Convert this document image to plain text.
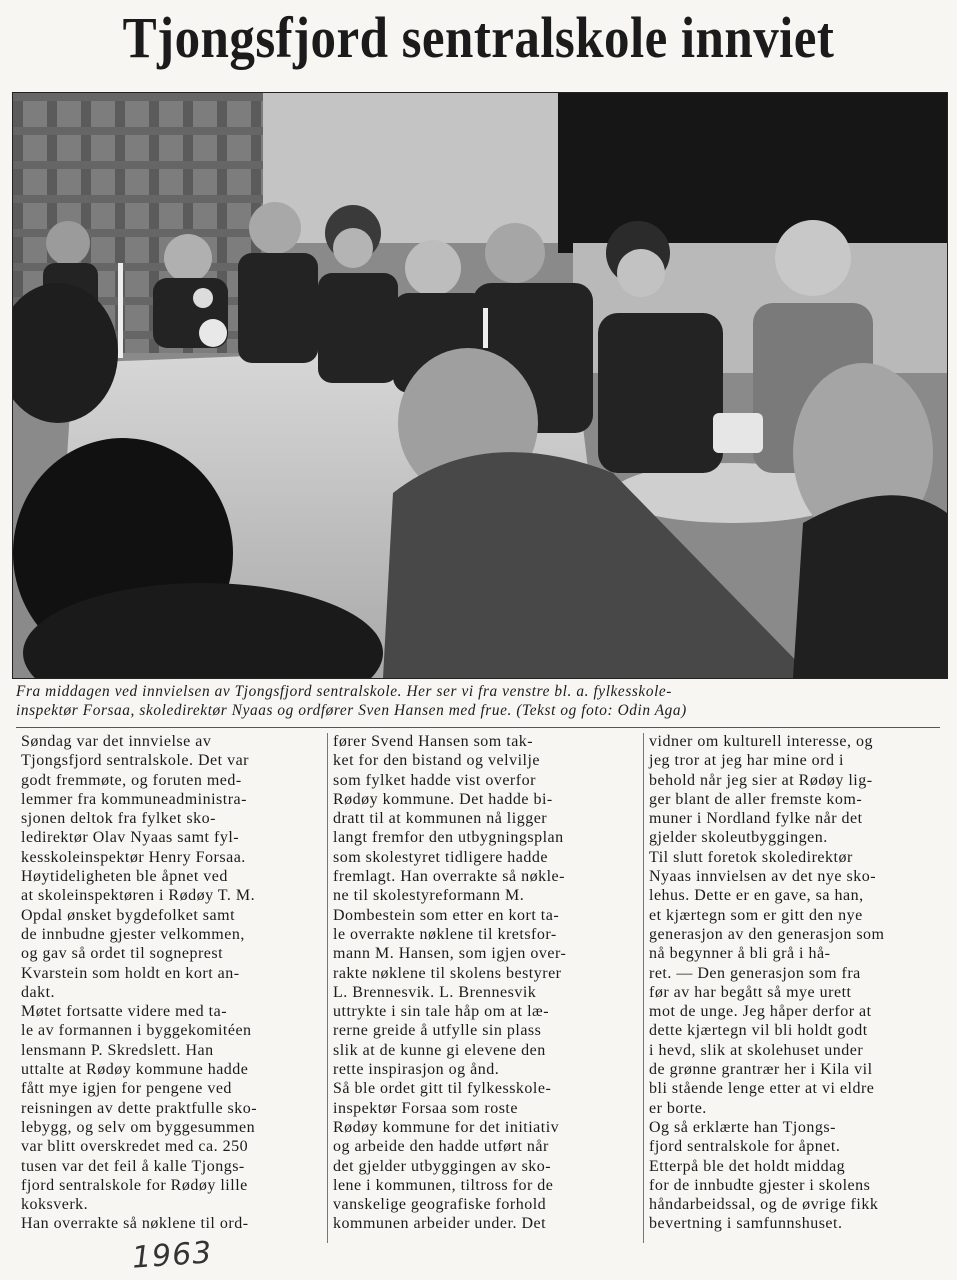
Tjongsfjord sentralskole innviet
Fra middagen ved innvielsen av Tjongsfjord sentralskole. Her ser vi fra venstre bl. a. fylkesskole-
inspektør Forsaa, skoledirektør Nyaas og ordfører Sven Hansen med frue. (Tekst og foto: Odin Aga)
Søndag var det innvielse av
Tjongsfjord sentralskole. Det var
godt fremmøte, og foruten med-
lemmer fra kommuneadministra-
sjonen deltok fra fylket sko-
ledirektør Olav Nyaas samt fyl-
kesskoleinspektør Henry Forsaa.
Høytideligheten ble åpnet ved
at skoleinspektøren i Rødøy T. M.
Opdal ønsket bygdefolket samt
de innbudne gjester velkommen,
og gav så ordet til sogneprest
Kvarstein som holdt en kort an-
dakt.
Møtet fortsatte videre med ta-
le av formannen i byggekomitéen
lensmann P. Skredslett. Han
uttalte at Rødøy kommune hadde
fått mye igjen for pengene ved
reisningen av dette praktfulle sko-
lebygg, og selv om byggesummen
var blitt overskredet med ca. 250
tusen var det feil å kalle Tjongs-
fjord sentralskole for Rødøy lille
koksverk.
Han overrakte så nøklene til ord-
fører Svend Hansen som tak-
ket for den bistand og velvilje
som fylket hadde vist overfor
Rødøy kommune. Det hadde bi-
dratt til at kommunen nå ligger
langt fremfor den utbygningsplan
som skolestyret tidligere hadde
fremlagt. Han overrakte så nøkle-
ne til skolestyreformann M.
Dombestein som etter en kort ta-
le overrakte nøklene til kretsfor-
mann M. Hansen, som igjen over-
rakte nøklene til skolens bestyrer
L. Brennesvik. L. Brennesvik
uttrykte i sin tale håp om at læ-
rerne greide å utfylle sin plass
slik at de kunne gi elevene den
rette inspirasjon og ånd.
Så ble ordet gitt til fylkesskole-
inspektør Forsaa som roste
Rødøy kommune for det initiativ
og arbeide den hadde utført når
det gjelder utbyggingen av sko-
lene i kommunen, tiltross for de
vanskelige geografiske forhold
kommunen arbeider under. Det
vidner om kulturell interesse, og
jeg tror at jeg har mine ord i
behold når jeg sier at Rødøy lig-
ger blant de aller fremste kom-
muner i Nordland fylke når det
gjelder skoleutbyggingen.
Til slutt foretok skoledirektør
Nyaas innvielsen av det nye sko-
lehus. Dette er en gave, sa han,
et kjærtegn som er gitt den nye
generasjon av den generasjon som
nå begynner å bli grå i hå-
ret. — Den generasjon som fra
før av har begått så mye urett
mot de unge. Jeg håper derfor at
dette kjærtegn vil bli holdt godt
i hevd, slik at skolehuset under
de grønne grantrær her i Kila vil
bli stående lenge etter at vi eldre
er borte.
Og så erklærte han Tjongs-
fjord sentralskole for åpnet.
Etterpå ble det holdt middag
for de innbudte gjester i skolens
håndarbeidssal, og de øvrige fikk
bevertning i samfunnshuset.
1963
